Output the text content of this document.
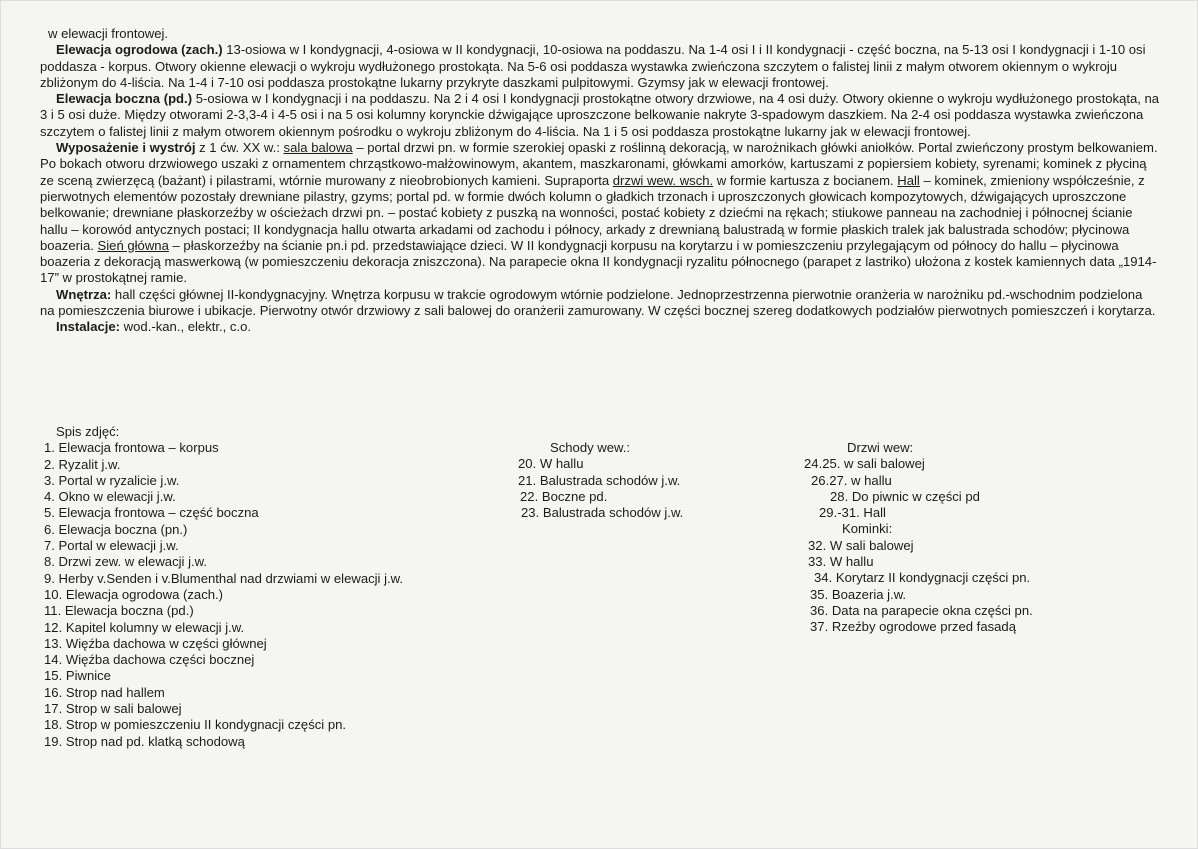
w elewacji frontowej.

Elewacja ogrodowa (zach.) 13-osiowa w I kondygnacji, 4-osiowa w II kondygnacji, 10-osiowa na poddaszu. Na 1-4 osi I i II kondygnacji - część boczna, na 5-13 osi I kondygnacji i 1-10 osi poddasza - korpus. Otwory okienne elewacji o wykroju wydłużonego prostokąta. Na 5-6 osi poddasza wystawka zwieńczona szczytem o falistej linii z małym otworem okiennym o wykroju zbliżonym do 4-liścia. Na 1-4 i 7-10 osi poddasza prostokątne lukarny przykryte daszkami pulpitowymi. Gzymsy jak w elewacji frontowej.

Elewacja boczna (pd.) 5-osiowa w I kondygnacji i na poddaszu. Na 2 i 4 osi I kondygnacji prostokątne otwory drzwiowe, na 4 osi duży. Otwory okienne o wykroju wydłużonego prostokąta, na 3 i 5 osi duże. Między otworami 2-3,3-4 i 4-5 osi i na 5 osi kolumny korynckie dźwigające uproszczone belkowanie nakryte 3-spadowym daszkiem. Na 2-4 osi poddasza wystawka zwieńczona szczytem o falistej linii z małym otworem okiennym pośrodku o wykroju zbliżonym do 4-liścia. Na 1 i 5 osi poddasza prostokątne lukarny jak w elewacji frontowej.

Wyposażenie i wystrój z 1 ćw. XX w.: sala balowa – portal drzwi pn. w formie szerokiej opaski z roślinną dekoracją, w narożnikach główki aniołków. Portal zwieńczony prostym belkowaniem. Po bokach otworu drzwiowego uszaki z ornamentem chrząstkowo-małżowinowym, akantem, maszkaronami, główkami amorków, kartuszami z popiersiem kobiety, syrenami; kominek z płyciną ze sceną zwierzęcą (bażant) i pilastrami, wtórnie murowany z nieobrobionych kamieni. Supraporta drzwi wew. wsch. w formie kartusza z bocianem. Hall – kominek, zmieniony współcześnie, z pierwotnych elementów pozostały drewniane pilastry, gzyms; portal pd. w formie dwóch kolumn o gładkich trzonach i uproszczonych głowicach kompozytowych, dźwigających uproszczone belkowanie; drewniane płaskorzeźby w ościeżach drzwi pn. – postać kobiety z puszką na wonności, postać kobiety z dziećmi na rękach; stiukowe panneau na zachodniej i północnej ścianie hallu – korowód antycznych postaci; II kondygnacja hallu otwarta arkadami od zachodu i północy, arkady z drewnianą balustradą w formie płaskich tralek jak balustrada schodów; płycinowa boazeria. Sień główna – płaskorzeźby na ścianie pn.i pd. przedstawiające dzieci. W II kondygnacji korpusu na korytarzu i w pomieszczeniu przylegającym od północy do hallu – płycinowa boazeria z dekoracją maswerkową (w pomieszczeniu dekoracja zniszczona). Na parapecie okna II kondygnacji ryzalitu północnego (parapet z lastriko) ułożona z kostek kamiennych data „1914-17” w prostokątnej ramie.

Wnętrza: hall części głównej II-kondygnacyjny. Wnętrza korpusu w trakcie ogrodowym wtórnie podzielone. Jednoprzestrzenna pierwotnie oranżeria w narożniku pd.-wschodnim podzielona na pomieszczenia biurowe i ubikacje. Pierwotny otwór drzwiowy z sali balowej do oranżerii zamurowany. W części bocznej szereg dodatkowych podziałów pierwotnych pomieszczeń i korytarza.

Instalacje: wod.-kan., elektr., c.o.

Spis zdjęć:
1. Elewacja frontowa – korpus
2. Ryzalit j.w.
3. Portal w ryzalicie j.w.
4. Okno w elewacji j.w.
5. Elewacja frontowa – część boczna
6. Elewacja boczna (pn.)
7. Portal w elewacji j.w.
8. Drzwi zew. w elewacji j.w.
9. Herby v.Senden i v.Blumenthal nad drzwiami w elewacji j.w.
10. Elewacja ogrodowa (zach.)
11. Elewacja boczna (pd.)
12. Kapitel kolumny w elewacji j.w.
13. Więźba dachowa w części głównej
14. Więźba dachowa części bocznej
15. Piwnice
16. Strop nad hallem
17. Strop w sali balowej
18. Strop w pomieszczeniu II kondygnacji części pn.
19. Strop nad pd. klatką schodową
Schody wew.:
20. W hallu
21. Balustrada schodów j.w.
22. Boczne pd.
23. Balustrada schodów j.w.
Drzwi wew:
24.25. w sali balowej
26.27. w hallu
28. Do piwnic w części pd
29.-31. Hall
Kominki:
32. W sali balowej
33. W hallu
34. Korytarz II kondygnacji części pn.
35. Boazeria j.w.
36. Data na parapecie okna części pn.
37. Rzeźby ogrodowe przed fasadą
